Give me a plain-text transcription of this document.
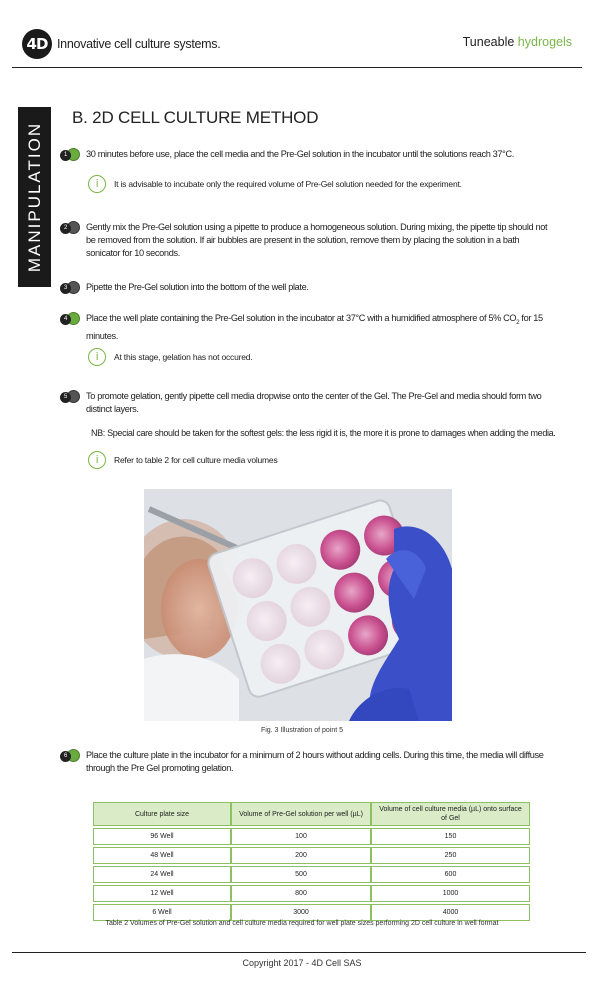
4D Innovative cell culture systems.	Tuneable hydrogels
MANIPULATION
B. 2D CELL CULTURE METHOD
1	30 minutes before use, place the cell media and the Pre-Gel solution in the incubator until the solutions reach 37°C.
i	It is advisable to incubate only the required volume of Pre-Gel solution needed for the experiment.
2	Gently mix the Pre-Gel solution using a pipette to produce a homogeneous solution. During mixing, the pipette tip should not be removed from the solution. If air bubbles are present in the solution, remove them by placing the solution in a bath sonicator for 10 seconds.
3	Pipette the Pre-Gel solution into the bottom of the well plate.
4	Place the well plate containing the Pre-Gel solution in the incubator at 37°C with a humidified atmosphere of 5% $CO_2$ for 15 minutes.
i	At this stage, gelation has not occured.
5	To promote gelation, gently pipette cell media dropwise onto the center of the Gel. The Pre-Gel and media should form two distinct layers.
NB: Special care should be taken for the softest gels: the less rigid it is, the more it is prone to damages when adding the media.
i	Refer to table 2 for cell culture media volumes
Fig. 3 Illustration of point 5
6	Place the culture plate in the incubator for a minimum of 2 hours without adding cells. During this time, the media will diffuse through the Pre Gel promoting gelation.
Culture plate size	Volume of Pre-Gel solution per well (µL)	Volume of cell culture media (µL) onto surface of Gel
96 Well	100	150
48 Well	200	250
24 Well	500	600
12 Well	800	1000
6 Well	3000	4000
Table 2 Volumes of Pre-Gel solution and cell culture media required for well plate sizes performing 2D cell culture in well format
Copyright 2017 - 4D Cell SAS
